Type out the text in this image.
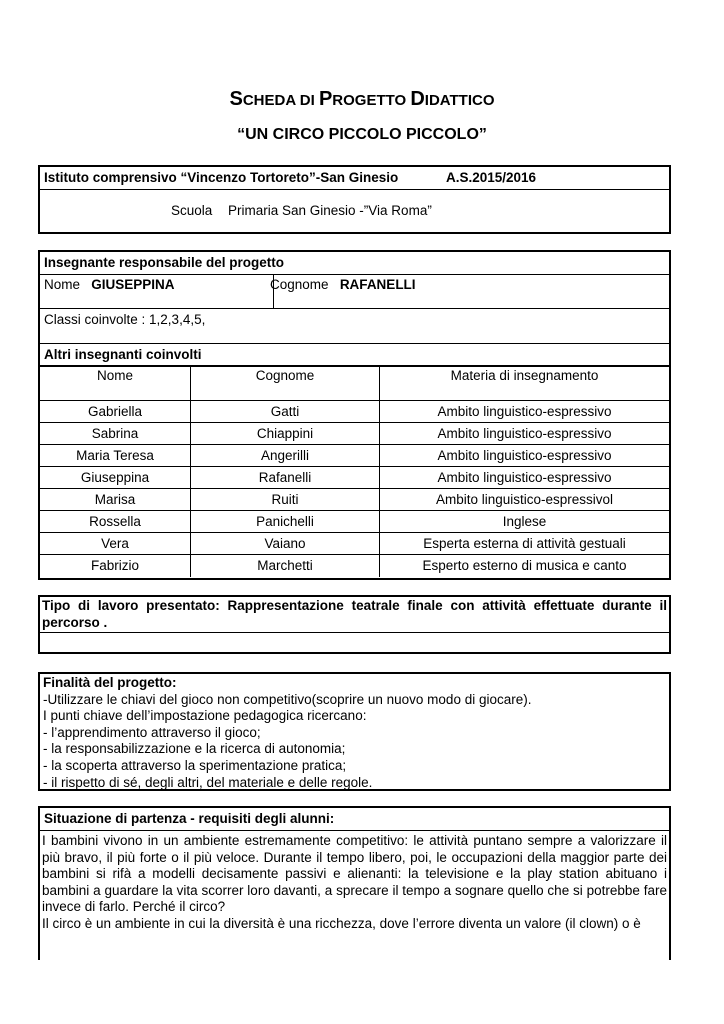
SCHEDA DI PROGETTO DIDATTICO
“UN CIRCO PICCOLO PICCOLO”
Istituto comprensivo “Vincenzo Tortoreto”-San Ginesio	A.S.2015/2016
Scuola Primaria San Ginesio -”Via Roma”
Insegnante responsabile del progetto
Nome GIUSEPPINA	Cognome RAFANELLI
Classi coinvolte : 1,2,3,4,5,
Altri insegnanti coinvolti
Nome	Cognome	Materia di insegnamento
Gabriella	Gatti	Ambito linguistico-espressivo
Sabrina	Chiappini	Ambito linguistico-espressivo
Maria Teresa	Angerilli	Ambito linguistico-espressivo
Giuseppina	Rafanelli	Ambito linguistico-espressivo
Marisa	Ruiti	Ambito linguistico-espressivol
Rossella	Panichelli	Inglese
Vera	Vaiano	Esperta esterna di attività gestuali
Fabrizio	Marchetti	Esperto esterno di musica e canto
Tipo di lavoro presentato: Rappresentazione teatrale finale con attività effettuate durante il percorso .
Finalità del progetto:
-Utilizzare le chiavi del gioco non competitivo(scoprire un nuovo modo di giocare).
I punti chiave dell’impostazione pedagogica ricercano:
- l’apprendimento attraverso il gioco;
- la responsabilizzazione e la ricerca di autonomia;
- la scoperta attraverso la sperimentazione pratica;
- il rispetto di sé, degli altri, del materiale e delle regole.
Situazione di partenza - requisiti degli alunni:
I bambini vivono in un ambiente estremamente competitivo: le attività puntano sempre a valorizzare il più bravo, il più forte o il più veloce. Durante il tempo libero, poi, le occupazioni della maggior parte dei bambini si rifà a modelli decisamente passivi e alienanti: la televisione e la play station abituano i bambini a guardare la vita scorrer loro davanti, a sprecare il tempo a sognare quello che si potrebbe fare invece di farlo. Perché il circo?
Il circo è un ambiente in cui la diversità è una ricchezza, dove l’errore diventa un valore (il clown) o è
